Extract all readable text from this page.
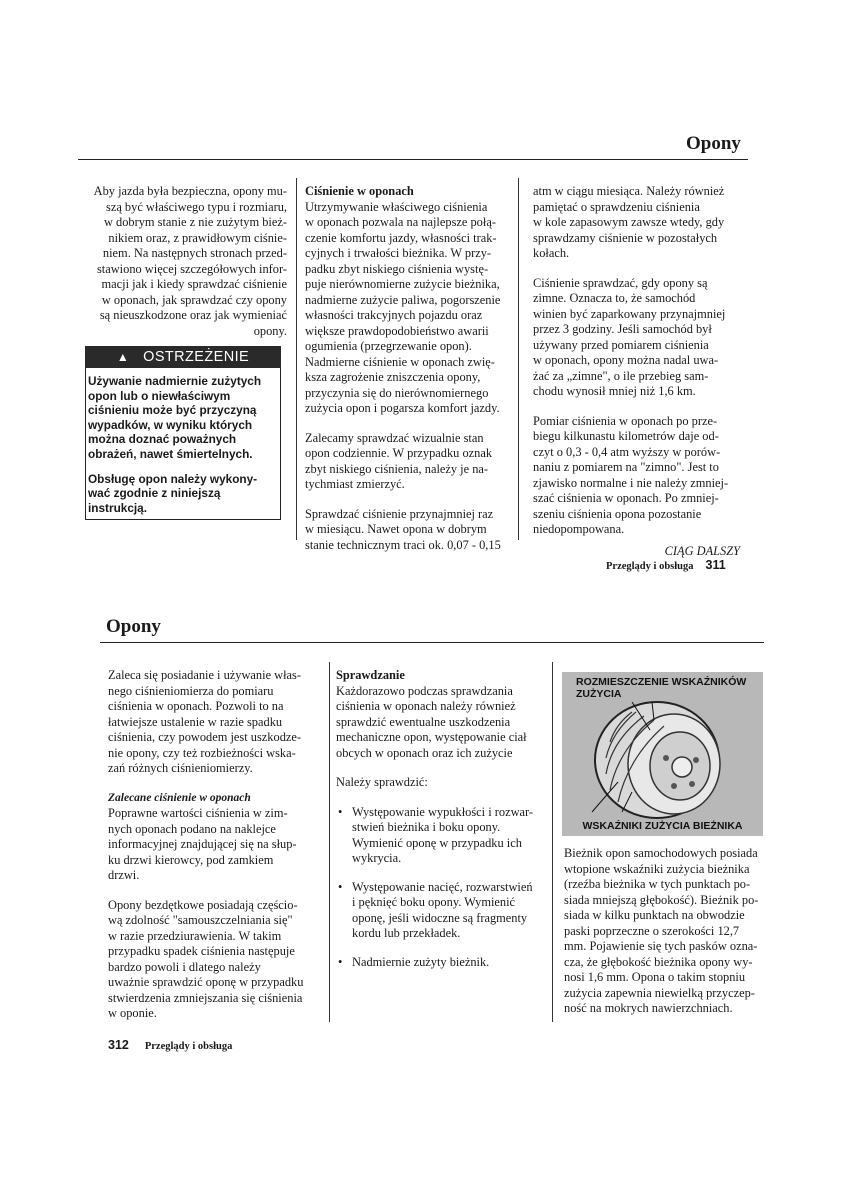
Opony

Aby jazda była bezpieczna, opony mu-
szą być właściwego typu i rozmiaru,
w dobrym stanie z nie zużytym bież-
nikiem oraz, z prawidłowym ciśnie-
niem. Na następnych stronach przed-
stawiono więcej szczegółowych infor-
macji jak i kiedy sprawdzać ciśnienie
w oponach, jak sprawdzać czy opony
są nieuszkodzone oraz jak wymieniać
opony.

▲ OSTRZEŻENIE

Używanie nadmiernie zużytych
opon lub o niewłaściwym
ciśnieniu może być przyczyną
wypadków, w wyniku których
można doznać poważnych
obrażeń, nawet śmiertelnych.

Obsługę opon należy wykony-
wać zgodnie z niniejszą
instrukcją.

Ciśnienie w oponach

Utrzymywanie właściwego ciśnienia
w oponach pozwala na najlepsze połą-
czenie komfortu jazdy, własności trak-
cyjnych i trwałości bieżnika. W przy-
padku zbyt niskiego ciśnienia wystę-
puje nierównomierne zużycie bieżnika,
nadmierne zużycie paliwa, pogorszenie
własności trakcyjnych pojazdu oraz
większe prawdopodobieństwo awarii
ogumienia (przegrzewanie opon).
Nadmierne ciśnienie w oponach zwię-
ksza zagrożenie zniszczenia opony,
przyczynia się do nierównomiernego
zużycia opon i pogarsza komfort jazdy.

Zalecamy sprawdzać wizualnie stan
opon codziennie. W przypadku oznak
zbyt niskiego ciśnienia, należy je na-
tychmiast zmierzyć.

Sprawdzać ciśnienie przynajmniej raz
w miesiącu. Nawet opona w dobrym
stanie technicznym traci ok. 0,07 - 0,15

atm w ciągu miesiąca. Należy również
pamiętać o sprawdzeniu ciśnienia
w kole zapasowym zawsze wtedy, gdy
sprawdzamy ciśnienie w pozostałych
kołach.

Ciśnienie sprawdzać, gdy opony są
zimne. Oznacza to, że samochód
winien być zaparkowany przynajmniej
przez 3 godziny. Jeśli samochód był
używany przed pomiarem ciśnienia
w oponach, opony można nadal uwa-
żać za „zimne", o ile przebieg sam-
chodu wynosił mniej niż 1,6 km.

Pomiar ciśnienia w oponach po prze-
biegu kilkunastu kilometrów daje od-
czyt o 0,3 - 0,4 atm wyższy w porów-
naniu z pomiarem na "zimno". Jest to
zjawisko normalne i nie należy zmniej-
szać ciśnienia w oponach. Po zmniej-
szeniu ciśnienia opona pozostanie
niedopompowana.

CIĄG DALSZY

Przeglądy i obsługa 311
Opony

Zaleca się posiadanie i używanie włas-
nego ciśnieniomierza do pomiaru
ciśnienia w oponach. Pozwoli to na
łatwiejsze ustalenie w razie spadku
ciśnienia, czy powodem jest uszkodze-
nie opony, czy też rozbieżności wska-
zań różnych ciśnieniomierzy.

Zalecane ciśnienie w oponach

Poprawne wartości ciśnienia w zim-
nych oponach podano na naklejce
informacyjnej znajdującej się na słup-
ku drzwi kierowcy, pod zamkiem
drzwi.

Opony bezdętkowe posiadają częścio-
wą zdolność "samouszczelniania się"
w razie przedziurawienia. W takim
przypadku spadek ciśnienia następuje
bardzo powoli i dlatego należy
uważnie sprawdzić oponę w przypadku
stwierdzenia zmniejszania się ciśnienia
w oponie.

Sprawdzanie

Każdorazowo podczas sprawdzania
ciśnienia w oponach należy również
sprawdzić ewentualne uszkodzenia
mechaniczne opon, występowanie ciał
obcych w oponach oraz ich zużycie

Należy sprawdzić:

• Występowanie wypukłości i rozwar-
stwień bieżnika i boku opony.
Wymienić oponę w przypadku ich
wykrycia.
• Występowanie nacięć, rozwarstwień
i pęknięć boku opony. Wymienić
oponę, jeśli widoczne są fragmenty
kordu lub przekładek.
• Nadmiernie zużyty bieżnik.
ROZMIESZCZENIE WSKAŹNIKÓW ZUŻYCIA
WSKAŹNIKI ZUŻYCIA BIEŻNIKA

Bieżnik opon samochodowych posiada
wtopione wskaźniki zużycia bieżnika
(rzeźba bieżnika w tych punktach po-
siada mniejszą głębokość). Bieżnik po-
siada w kilku punktach na obwodzie
paski poprzeczne o szerokości 12,7
mm. Pojawienie się tych pasków ozna-
cza, że głębokość bieżnika opony wy-
nosi 1,6 mm. Opona o takim stopniu
zużycia zapewnia niewielką przyczep-
ność na mokrych nawierzchniach.

312 Przeglądy i obsługa
